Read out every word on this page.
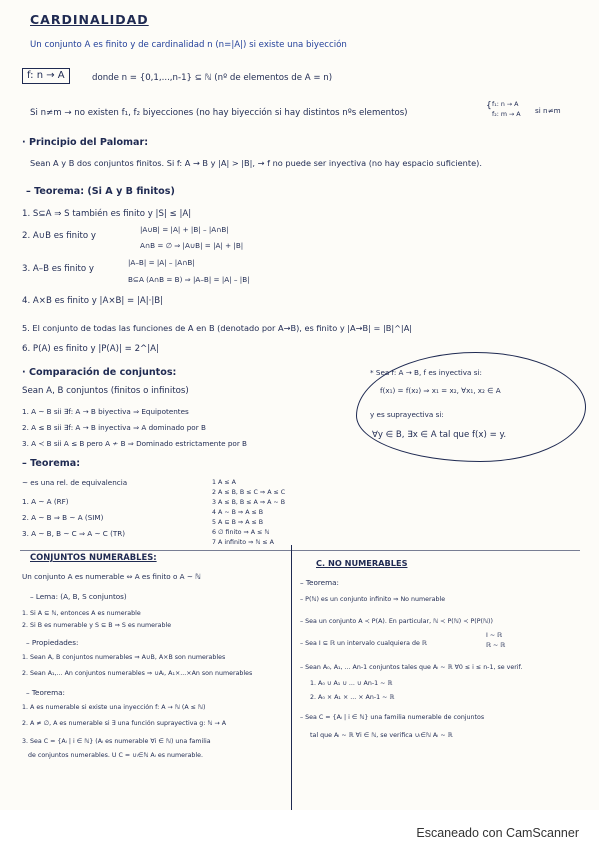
CARDINALIDAD
Un conjunto A es finito y de cardinalidad n (n=|A|) si existe una biyección
f: n → A	donde n = {0,1,...,n-1} ⊆ ℕ (nº de elementos de A = n)
Si n≠m → no existen f₁, f₂ biyecciones (no hay biyección si hay distintos nºs elementos)
{ f₁: n → A
f₂: m → A si n≠m
· Principio del Palomar:
Sean A y B dos conjuntos finitos. Si f: A → B y |A| > |B|, → f no puede ser inyectiva (no hay espacio suficiente).
– Teorema: (Si A y B finitos)
1. S⊆A ⇒ S también es finito y |S| ≤ |A|
2. A∪B es finito y
|A∪B| = |A| + |B| – |A∩B|
A∩B = ∅ ⇒ |A∪B| = |A| + |B|
3. A–B es finito y
|A–B| = |A| – |A∩B|
B⊆A (A∩B = B) ⇒ |A–B| = |A| – |B|
4. A×B es finito y |A×B| = |A|·|B|
5. El conjunto de todas las funciones de A en B (denotado por A→B), es finito y |A→B| = |B|^|A|
6. P(A) es finito y |P(A)| = 2^|A|
· Comparación de conjuntos:
Sean A, B conjuntos (finitos o infinitos)
1. A ~ B sii ∃f: A → B biyectiva ⇒ Equipotentes
2. A ≤ B sii ∃f: A → B inyectiva ⇒ A dominado por B
3. A ≺ B sii A ≤ B pero A ≁ B ⇒ Dominado estrictamente por B
– Teorema:
~ es una rel. de equivalencia
1. A ~ A (RF)
2. A ~ B ⇒ B ~ A (SIM)
3. A ~ B, B ~ C ⇒ A ~ C (TR)
1 A ≤ A
2 A ≤ B, B ≤ C ⇒ A ≤ C
3 A ≤ B, B ≤ A ⇒ A ~ B
4 A ~ B ⇒ A ≤ B
5 A ⊆ B ⇒ A ≤ B
6 ∅ finito ⇒ A ≤ ℕ
7 A infinito ⇒ ℕ ≤ A
* Sea f: A → B, f es inyectiva si:
f(x₁) = f(x₂) ⇒ x₁ = x₂, ∀x₁, x₂ ∈ A
y es suprayectiva si:
∀y ∈ B, ∃x ∈ A tal que f(x) = y.
CONJUNTOS NUMERABLES:
Un conjunto A es numerable ⇔ A es finito o A ~ ℕ
– Lema: (A, B, S conjuntos)
1. Si A ⊆ ℕ, entonces A es numerable
2. Si B es numerable y S ⊆ B ⇒ S es numerable
– Propiedades:
1. Sean A, B conjuntos numerables ⇒ A∪B, A×B son numerables
2. Sean A₁,... An conjuntos numerables ⇒ ∪Aᵢ, A₁×...×An son numerables
– Teorema:
1. A es numerable si existe una inyección f: A → ℕ (A ≤ ℕ)
2. A ≠ ∅, A es numerable si ∃ una función suprayectiva g: ℕ → A
3. Sea C = {Aᵢ | i ∈ ℕ} (Aᵢ es numerable ∀i ∈ ℕ) una familia
de conjuntos numerables. U C = ∪ᵢ∈ℕ Aᵢ es numerable.
C. NO NUMERABLES
– Teorema:
– P(ℕ) es un conjunto infinito ⇒ No numerable
– Sea un conjunto A ≺ P(A). En particular, ℕ ≺ P(ℕ) ≺ P(P(ℕ))
– Sea I ⊆ ℝ un intervalo cualquiera de ℝ
I ~ ℝ
ℝ ~ ℝ
– Sean A₀, A₁, ... An-1 conjuntos tales que Aᵢ ~ ℝ ∀0 ≤ i ≤ n-1, se verif.
1. A₀ ∪ A₁ ∪ ... ∪ An-1 ~ ℝ
2. A₀ × A₁ × ... × An-1 ~ ℝ
– Sea C = {Aᵢ | i ∈ ℕ} una familia numerable de conjuntos
tal que Aᵢ ~ ℝ ∀i ∈ ℕ, se verifica ∪ᵢ∈ℕ Aᵢ ~ ℝ
Escaneado con CamScanner
